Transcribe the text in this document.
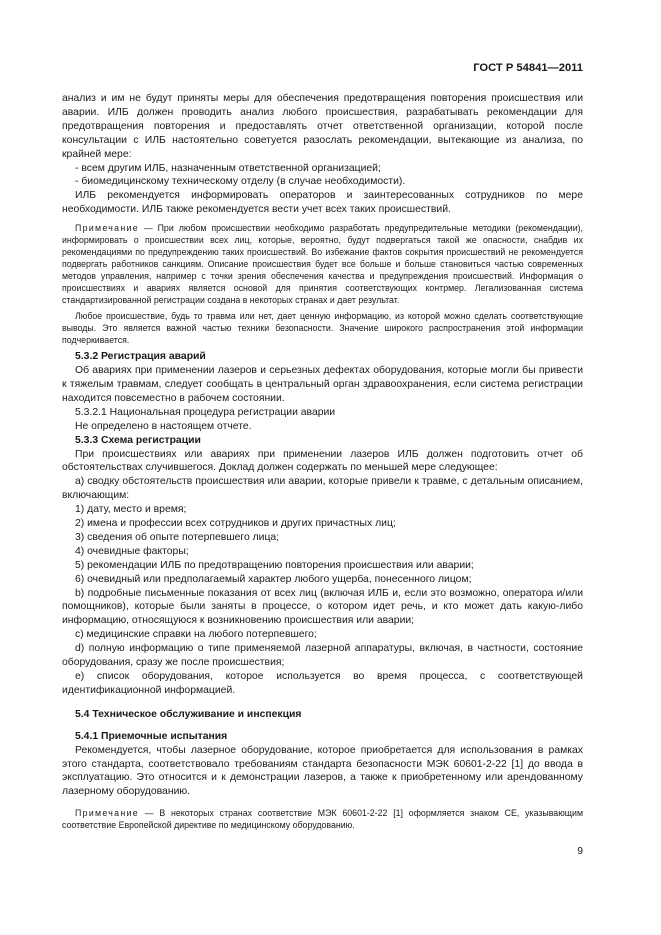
ГОСТ Р 54841—2011

анализ и им не будут приняты меры для обеспечения предотвращения повторения происшествия или аварии. ИЛБ должен проводить анализ любого происшествия, разрабатывать рекомендации для предотвращения повторения и предоставлять отчет ответственной организации, которой после консультации с ИЛБ настоятельно советуется разослать рекомендации, вытекающие из анализа, по крайней мере:

- всем другим ИЛБ, назначенным ответственной организацией;

- биомедицинскому техническому отделу (в случае необходимости).

ИЛБ рекомендуется информировать операторов и заинтересованных сотрудников по мере необходимости. ИЛБ также рекомендуется вести учет всех таких происшествий.

Примечание — При любом происшествии необходимо разработать предупредительные методики (рекомендации), информировать о происшествии всех лиц, которые, вероятно, будут подвергаться такой же опасности, снабдив их рекомендациями по предупреждению таких происшествий. Во избежание фактов сокрытия происшествий не рекомендуется подвергать работников санкциям. Описание происшествия будет все больше и больше становиться частью современных методов управления, например с точки зрения обеспечения качества и предупреждения происшествий. Информация о происшествиях и авариях является основой для принятия соответствующих контрмер. Легализованная система стандартизированной регистрации создана в некоторых странах и дает результат.

Любое происшествие, будь то травма или нет, дает ценную информацию, из которой можно сделать соответствующие выводы. Это является важной частью техники безопасности. Значение широкого распространения этой информации подчеркивается.

5.3.2 Регистрация аварий

Об авариях при применении лазеров и серьезных дефектах оборудования, которые могли бы привести к тяжелым травмам, следует сообщать в центральный орган здравоохранения, если система регистрации находится повсеместно в рабочем состоянии.

5.3.2.1 Национальная процедура регистрации аварии

Не определено в настоящем отчете.

5.3.3 Схема регистрации

При происшествиях или авариях при применении лазеров ИЛБ должен подготовить отчет об обстоятельствах случившегося. Доклад должен содержать по меньшей мере следующее:

а) сводку обстоятельств происшествия или аварии, которые привели к травме, с детальным описанием, включающим:

1) дату, место и время;

2) имена и профессии всех сотрудников и других причастных лиц;

3) сведения об опыте потерпевшего лица;

4) очевидные факторы;

5) рекомендации ИЛБ по предотвращению повторения происшествия или аварии;

6) очевидный или предполагаемый характер любого ущерба, понесенного лицом;

b) подробные письменные показания от всех лиц (включая ИЛБ и, если это возможно, оператора и/или помощников), которые были заняты в процессе, о котором идет речь, и кто может дать какую-либо информацию, относящуюся к возникновению происшествия или аварии;

с) медицинские справки на любого потерпевшего;

d) полную информацию о типе применяемой лазерной аппаратуры, включая, в частности, состояние оборудования, сразу же после происшествия;

е) список оборудования, которое используется во время процесса, с соответствующей идентификационной информацией.

5.4 Техническое обслуживание и инспекция

5.4.1 Приемочные испытания

Рекомендуется, чтобы лазерное оборудование, которое приобретается для использования в рамках этого стандарта, соответствовало требованиям стандарта безопасности МЭК 60601-2-22 [1] до ввода в эксплуатацию. Это относится и к демонстрации лазеров, а также к приобретенному или арендованному лазерному оборудованию.

Примечание — В некоторых странах соответствие МЭК 60601-2-22 [1] оформляется знаком CE, указывающим соответствие Европейской директиве по медицинскому оборудованию.

9
